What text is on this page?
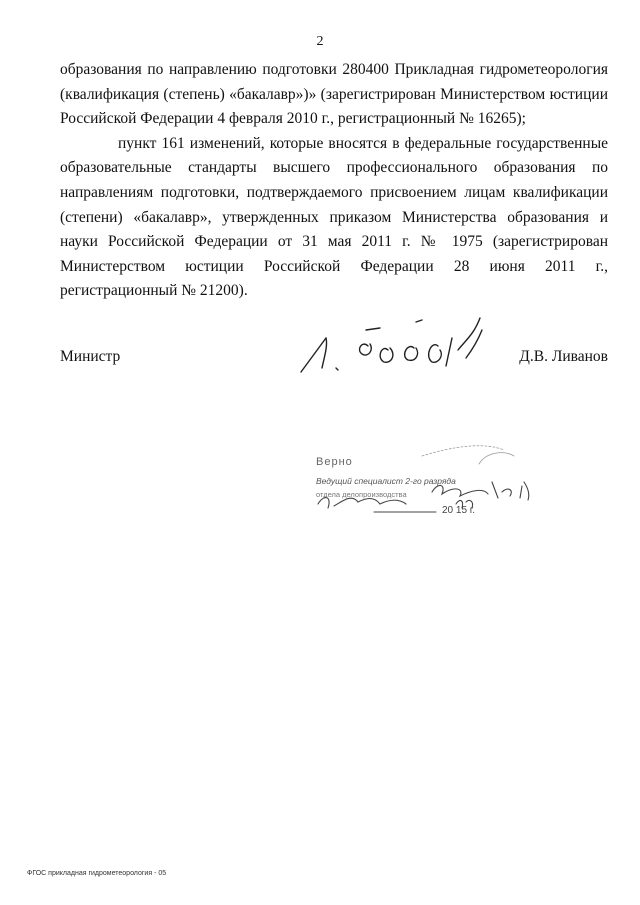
2

образования по направлению подготовки 280400 Прикладная гидрометеорология (квалификация (степень) «бакалавр»)» (зарегистрирован Министерством юстиции Российской Федерации 4 февраля 2010 г., регистрационный № 16265);

пункт 161 изменений, которые вносятся в федеральные государственные образовательные стандарты высшего профессионального образования по направлениям подготовки, подтверждаемого присвоением лицам квалификации (степени) «бакалавр», утвержденных приказом Министерства образования и науки Российской Федерации от 31 мая 2011 г. № 1975 (зарегистрирован Министерством юстиции Российской Федерации 28 июня 2011 г., регистрационный № 21200).

Министр	Д.В. Ливанов
Верно
Ведущий специалист 2-го разряда
отдела делопроизводства
20 15 г.
ФГОС прикладная гидрометеорология - 05
